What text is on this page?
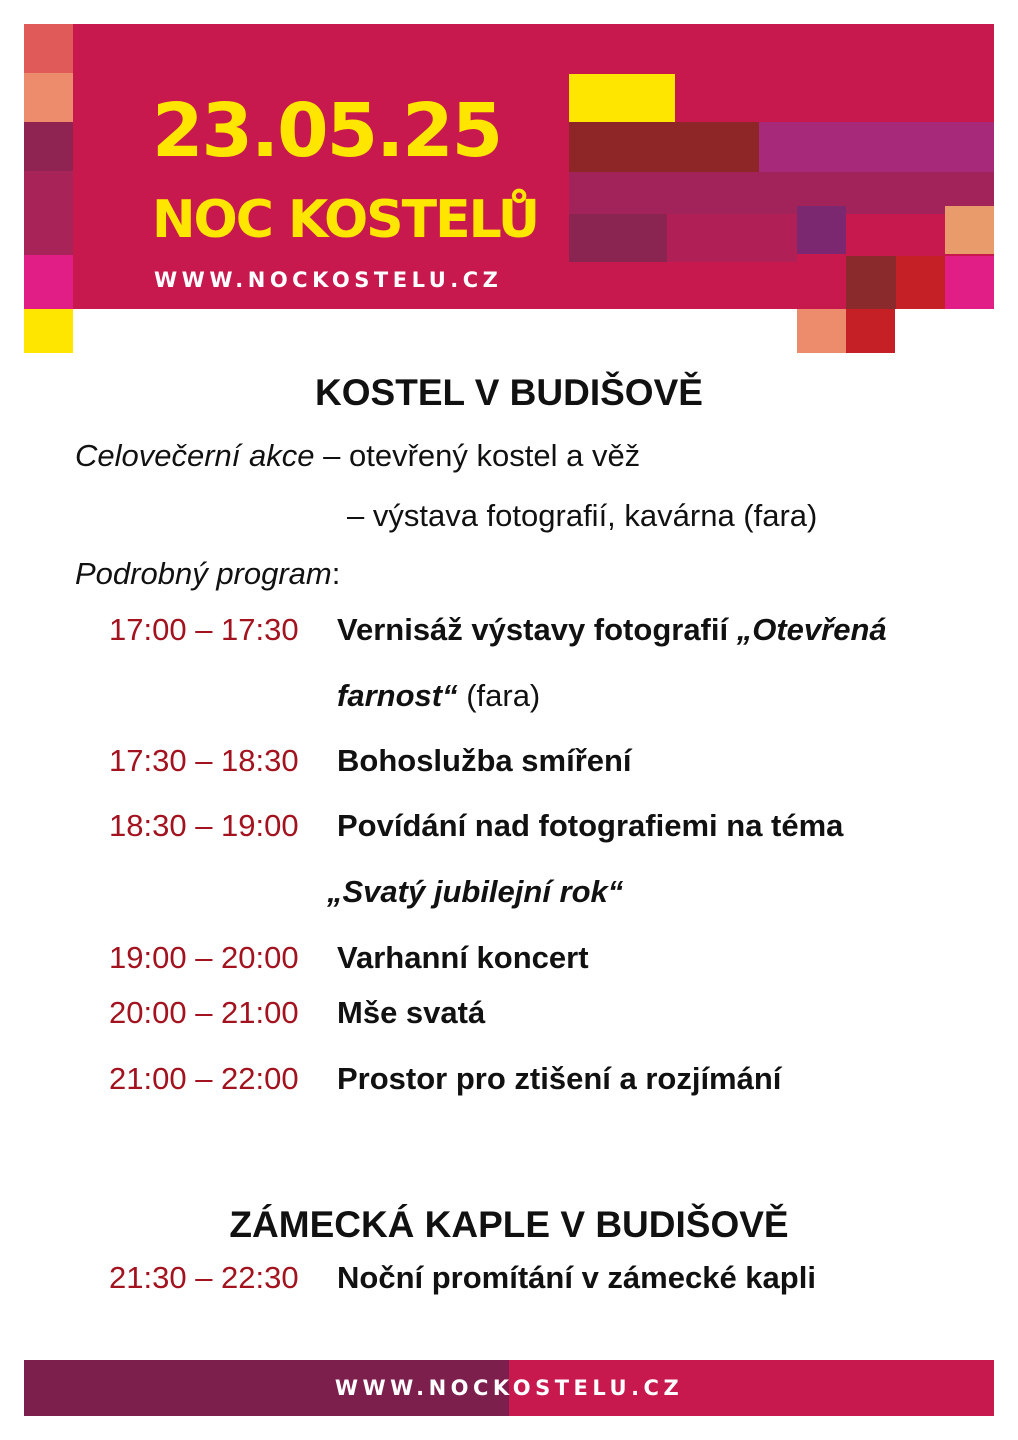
23.05.25
NOC KOSTELŮ
WWW.NOCKOSTELU.CZ
KOSTEL V BUDIŠOVĚ
Celovečerní akce – otevřený kostel a věž
– výstava fotografií, kavárna (fara)
Podrobný program:
17:00 – 17:30 Vernisáž výstavy fotografií „Otevřená
farnost“ (fara)
17:30 – 18:30 Bohoslužba smíření
18:30 – 19:00 Povídání nad fotografiemi na téma
„Svatý jubilejní rok“
19:00 – 20:00 Varhanní koncert
20:00 – 21:00 Mše svatá
21:00 – 22:00 Prostor pro ztišení a rozjímání
ZÁMECKÁ KAPLE V BUDIŠOVĚ
21:30 – 22:30 Noční promítání v zámecké kapli
WWW.NOCKOSTELU.CZ
